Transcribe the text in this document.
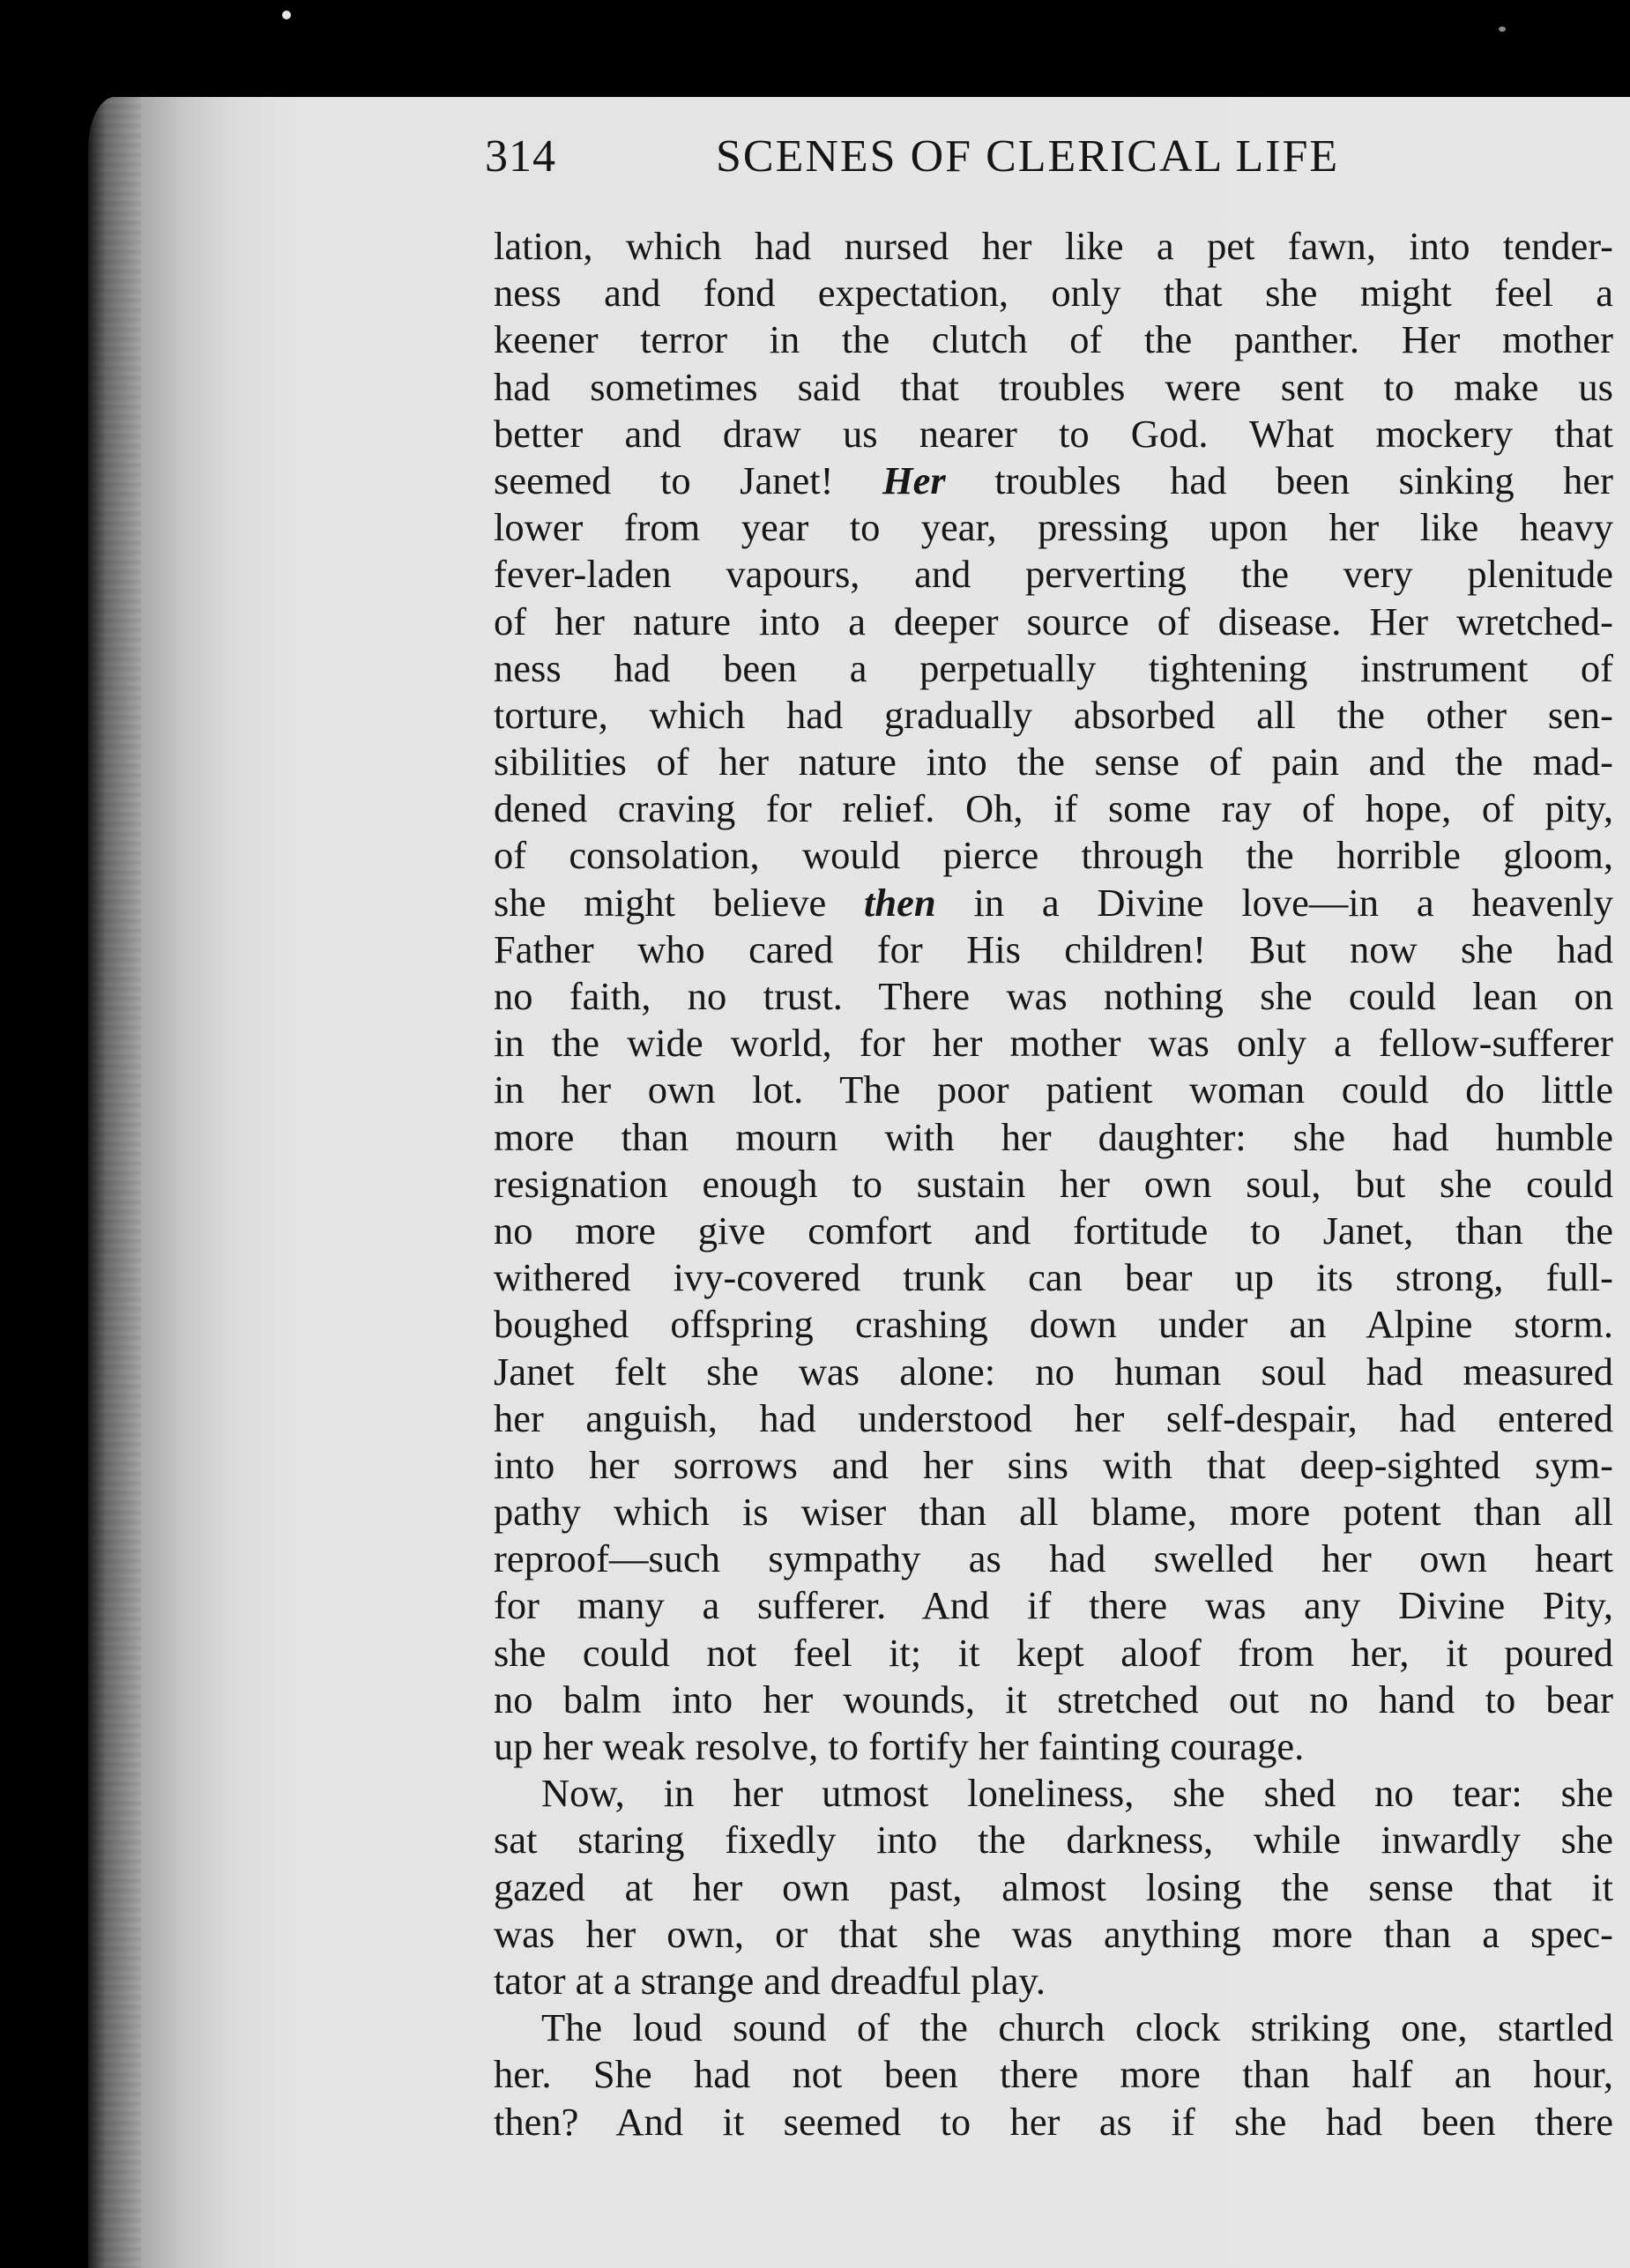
314	SCENES OF CLERICAL LIFE
lation, which had nursed her like a pet fawn, into tender-
ness and fond expectation, only that she might feel a
keener terror in the clutch of the panther. Her mother
had sometimes said that troubles were sent to make us
better and draw us nearer to God. What mockery that
seemed to Janet! Her troubles had been sinking her
lower from year to year, pressing upon her like heavy
fever-laden vapours, and perverting the very plenitude
of her nature into a deeper source of disease. Her wretched-
ness had been a perpetually tightening instrument of
torture, which had gradually absorbed all the other sen-
sibilities of her nature into the sense of pain and the mad-
dened craving for relief. Oh, if some ray of hope, of pity,
of consolation, would pierce through the horrible gloom,
she might believe then in a Divine love—in a heavenly
Father who cared for His children! But now she had
no faith, no trust. There was nothing she could lean on
in the wide world, for her mother was only a fellow-sufferer
in her own lot. The poor patient woman could do little
more than mourn with her daughter: she had humble
resignation enough to sustain her own soul, but she could
no more give comfort and fortitude to Janet, than the
withered ivy-covered trunk can bear up its strong, full-
boughed offspring crashing down under an Alpine storm.
Janet felt she was alone: no human soul had measured
her anguish, had understood her self-despair, had entered
into her sorrows and her sins with that deep-sighted sym-
pathy which is wiser than all blame, more potent than all
reproof—such sympathy as had swelled her own heart
for many a sufferer. And if there was any Divine Pity,
she could not feel it; it kept aloof from her, it poured
no balm into her wounds, it stretched out no hand to bear
up her weak resolve, to fortify her fainting courage.
Now, in her utmost loneliness, she shed no tear: she
sat staring fixedly into the darkness, while inwardly she
gazed at her own past, almost losing the sense that it
was her own, or that she was anything more than a spec-
tator at a strange and dreadful play.
The loud sound of the church clock striking one, startled
her. She had not been there more than half an hour,
then? And it seemed to her as if she had been there
